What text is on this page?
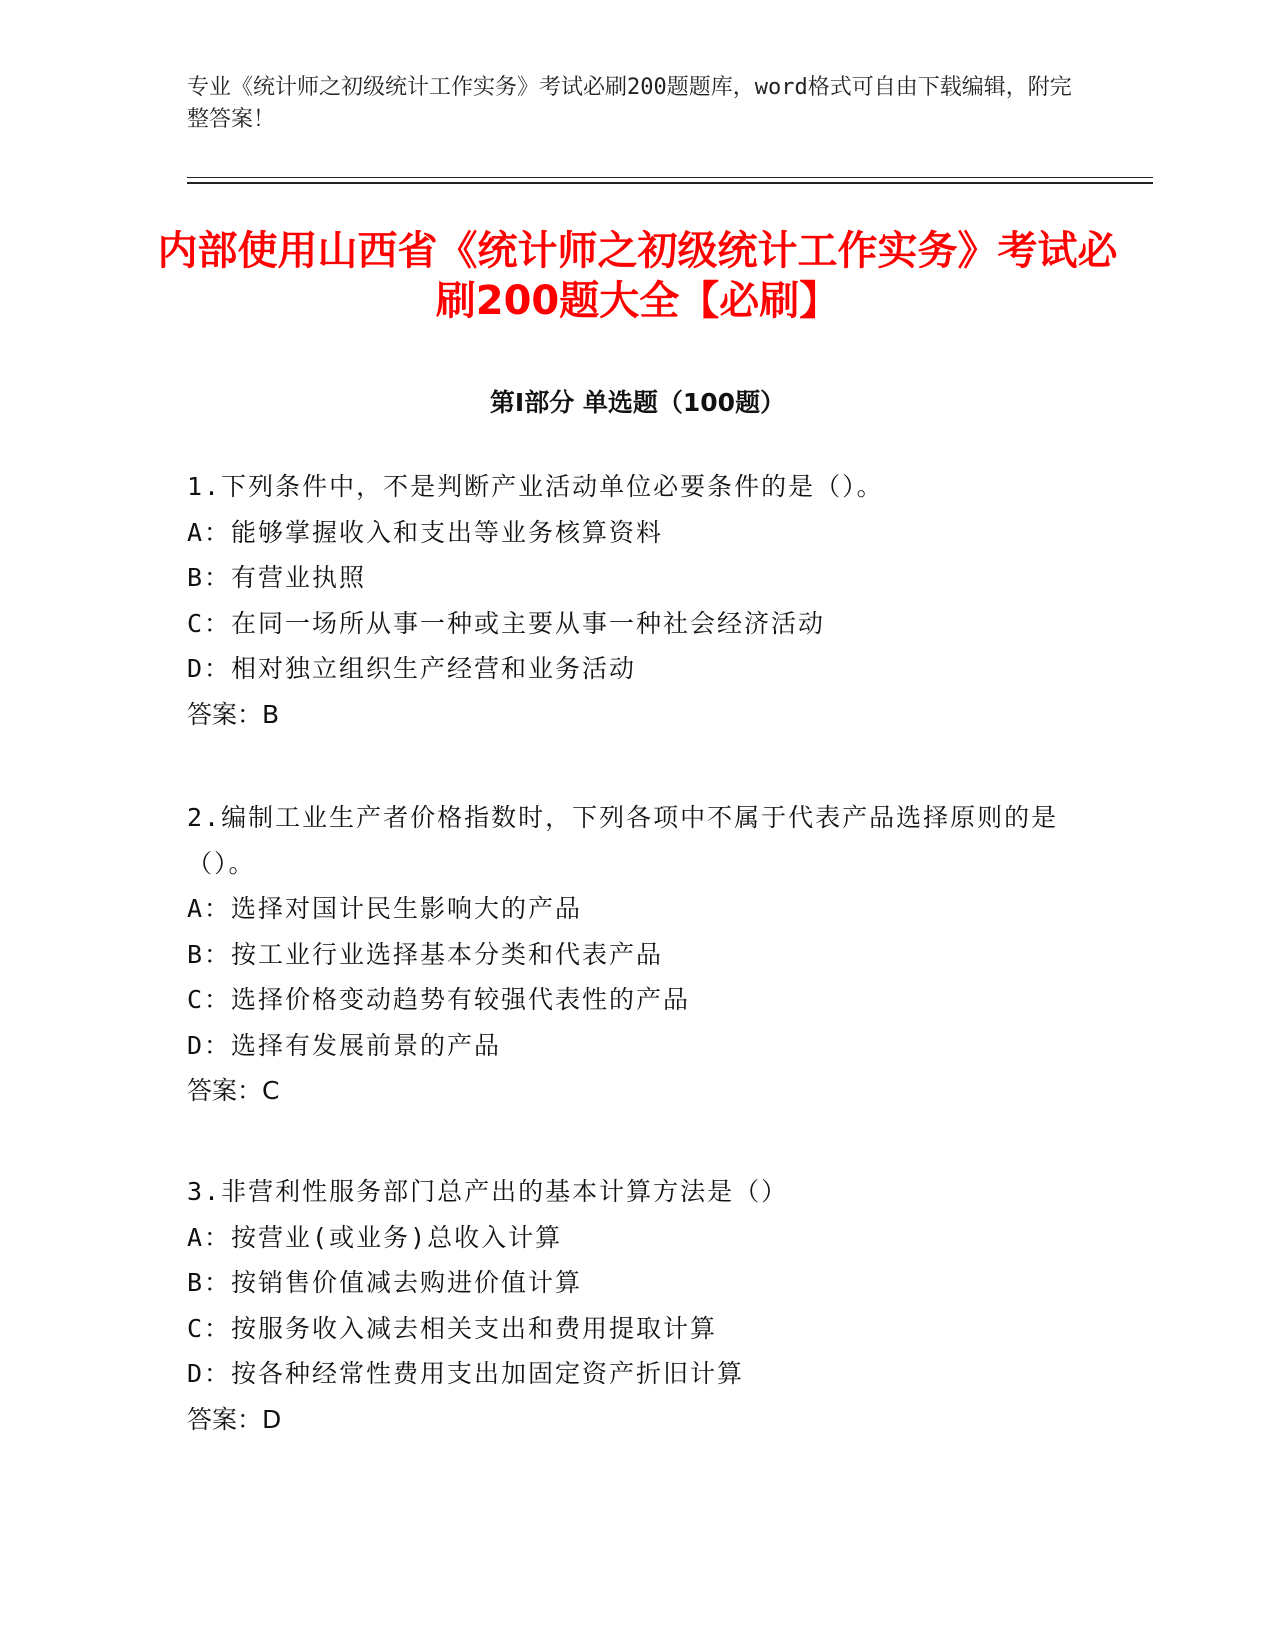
专业《统计师之初级统计工作实务》考试必刷200题题库，word格式可自由下载编辑，附完整答案！
内部使用山西省《统计师之初级统计工作实务》考试必刷200题大全【必刷】
第Ⅰ部分 单选题（100题）
1.下列条件中，不是判断产业活动单位必要条件的是（）。
A：能够掌握收入和支出等业务核算资料
B：有营业执照
C：在同一场所从事一种或主要从事一种社会经济活动
D：相对独立组织生产经营和业务活动
答案：B
2.编制工业生产者价格指数时，下列各项中不属于代表产品选择原则的是（）。
A：选择对国计民生影响大的产品
B：按工业行业选择基本分类和代表产品
C：选择价格变动趋势有较强代表性的产品
D：选择有发展前景的产品
答案：C
3.非营利性服务部门总产出的基本计算方法是（）
A：按营业(或业务)总收入计算
B：按销售价值减去购进价值计算
C：按服务收入减去相关支出和费用提取计算
D：按各种经常性费用支出加固定资产折旧计算
答案：D
